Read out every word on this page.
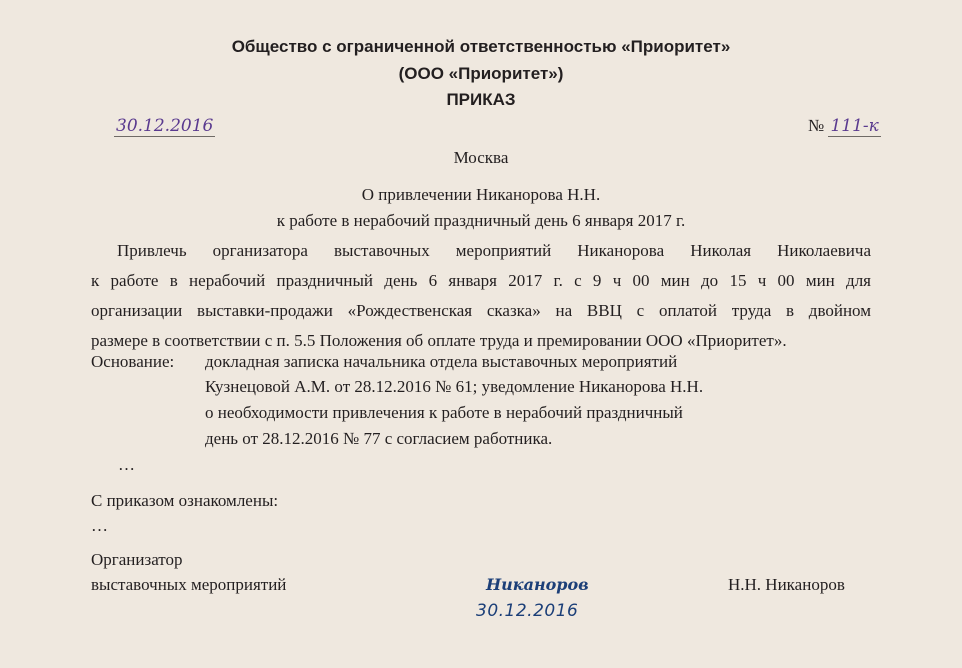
Общество с ограниченной ответственностью «Приоритет»
(ООО «Приоритет»)
ПРИКАЗ
30.12.2016	№ 111-к
Москва
О привлечении Никанорова Н.Н.
к работе в нерабочий праздничный день 6 января 2017 г.
Привлечь организатора выставочных мероприятий Никанорова Николая Николаевича
к работе в нерабочий праздничный день 6 января 2017 г. с 9 ч 00 мин до 15 ч 00 мин для
организации выставки-продажи «Рождественская сказка» на ВВЦ с оплатой труда в двойном
размере в соответствии с п. 5.5 Положения об оплате труда и премировании ООО «Приоритет».
Основание: докладная записка начальника отдела выставочных мероприятий
Кузнецовой А.М. от 28.12.2016 № 61; уведомление Никанорова Н.Н.
о необходимости привлечения к работе в нерабочий праздничный
день от 28.12.2016 № 77 с согласием работника.
…
С приказом ознакомлены:
…
Организатор
выставочных мероприятий	Никаноров
30.12.2016
Н.Н. Никаноров
